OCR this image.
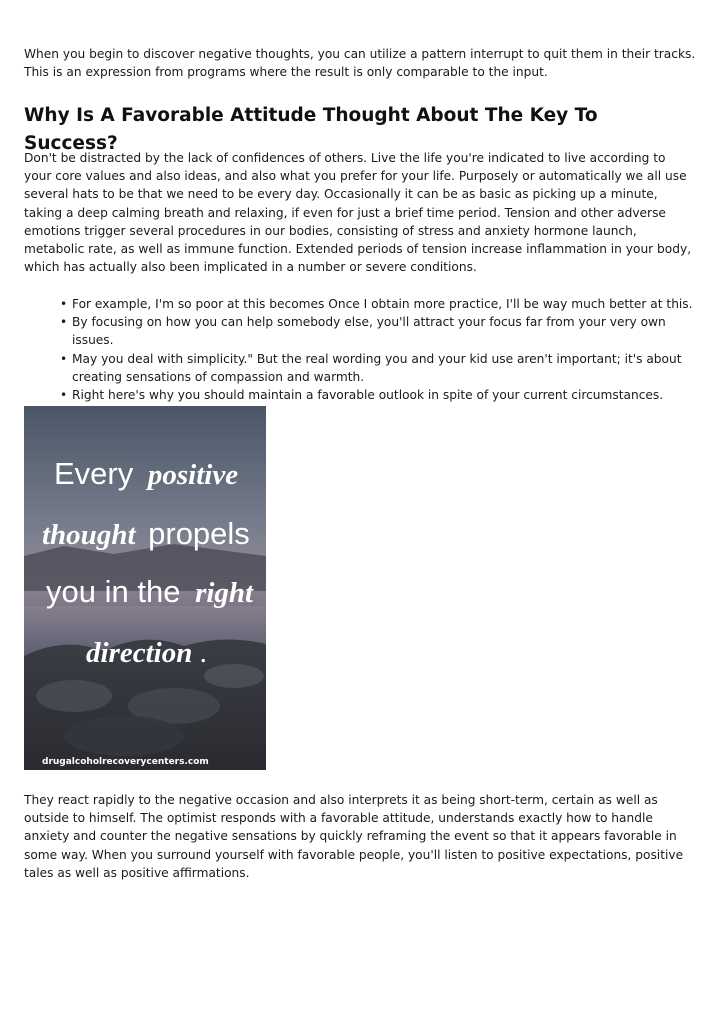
When you begin to discover negative thoughts, you can utilize a pattern interrupt to quit them in their tracks. This is an expression from programs where the result is only comparable to the input.

Why Is A Favorable Attitude Thought About The Key To Success?

Don't be distracted by the lack of confidences of others. Live the life you're indicated to live according to your core values and also ideas, and also what you prefer for your life. Purposely or automatically we all use several hats to be that we need to be every day. Occasionally it can be as basic as picking up a minute, taking a deep calming breath and relaxing, if even for just a brief time period. Tension and other adverse emotions trigger several procedures in our bodies, consisting of stress and anxiety hormone launch, metabolic rate, as well as immune function. Extended periods of tension increase inflammation in your body, which has actually also been implicated in a number or severe conditions.

• For example, I'm so poor at this becomes Once I obtain more practice, I'll be way much better at this.
• By focusing on how you can help somebody else, you'll attract your focus far from your very own issues.
• May you deal with simplicity." But the real wording you and your kid use aren't important; it's about creating sensations of compassion and warmth.
• Right here's why you should maintain a favorable outlook in spite of your current circumstances.
Every positive
thought propels
you in the right
direction .
drugalcoholrecoverycenters.com

They react rapidly to the negative occasion and also interprets it as being short-term, certain as well as outside to himself. The optimist responds with a favorable attitude, understands exactly how to handle anxiety and counter the negative sensations by quickly reframing the event so that it appears favorable in some way. When you surround yourself with favorable people, you'll listen to positive expectations, positive tales as well as positive affirmations.
